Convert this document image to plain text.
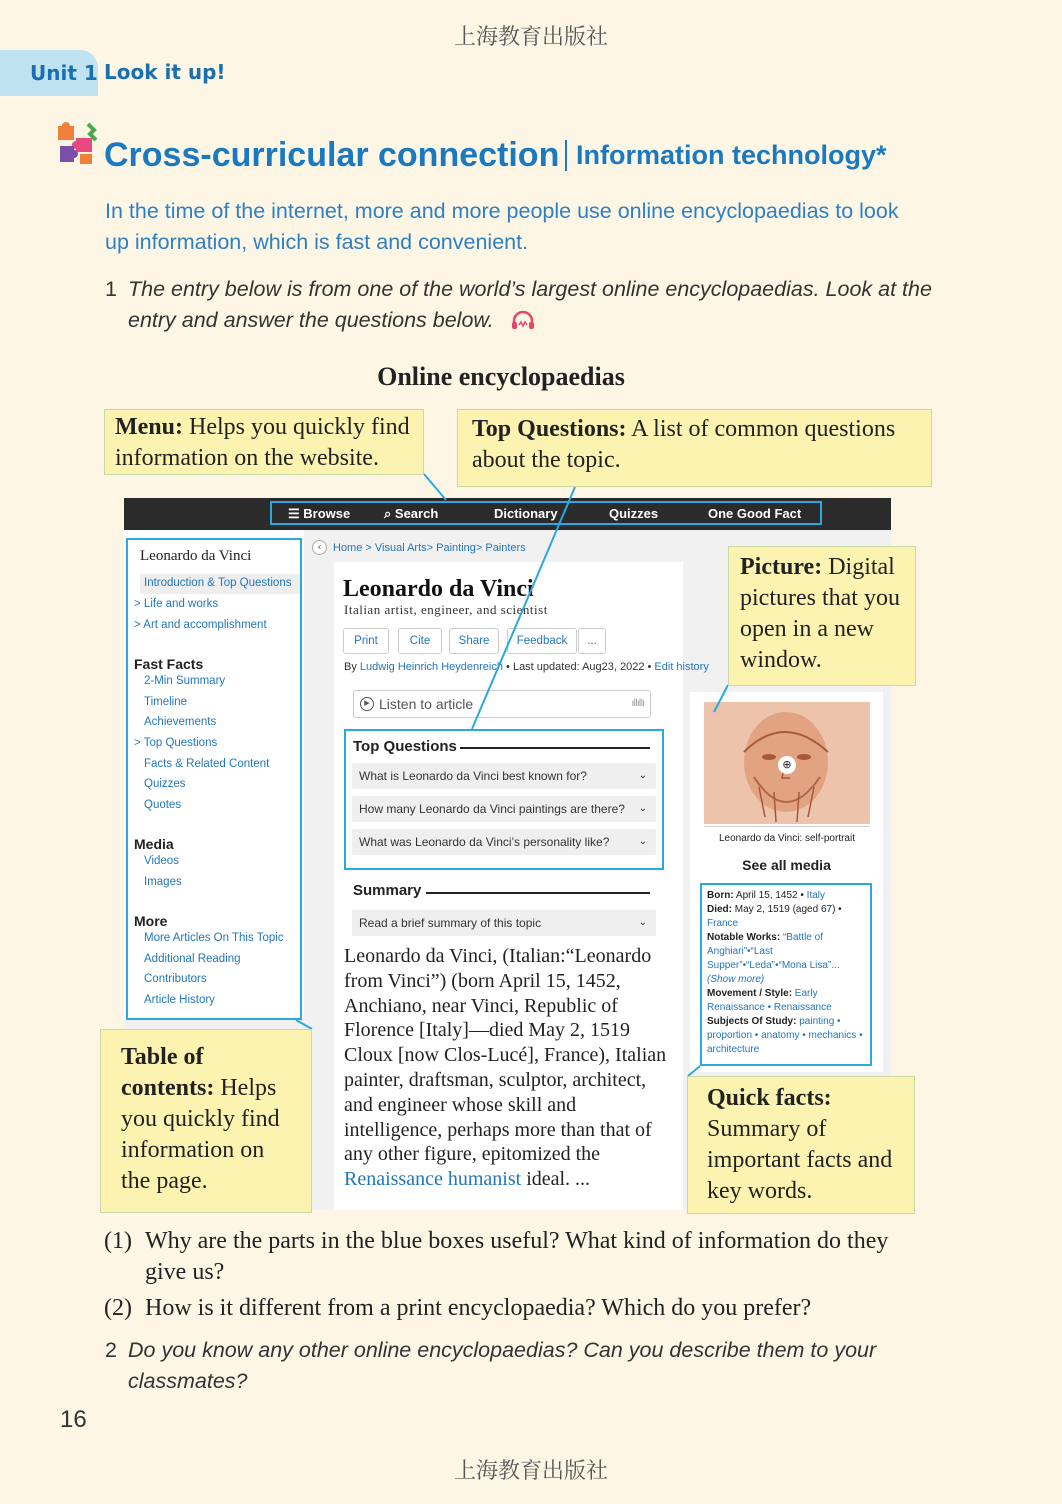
上海教育出版社
Unit 1 Look it up!
Cross-curricular connection Information technology*
In the time of the internet, more and more people use online encyclopaedias to look up information, which is fast and convenient.
1 The entry below is from one of the world’s largest online encyclopaedias. Look at the entry and answer the questions below.
Online encyclopaedias
☰ Browse	⌕ Search	Dictionary	Quizzes	One Good Fact
Leonardo da Vinci
Introduction & Top Questions
> Life and works
> Art and accomplishment
Fast Facts
2-Min Summary
Timeline
Achievements
> Top Questions
Facts & Related Content
Quizzes
Quotes
Media
Videos
Images
More
More Articles On This Topic
Additional Reading
Contributors
Article History
‹	Home > Visual Arts> Painting> Painters
Leonardo da Vinci
Italian artist, engineer, and scientist
Print	Cite	Share	Feedback	...
By Ludwig Heinrich Heydenreich • Last updated: Aug23, 2022 • Edit history
▶ Listen to article	ıllıllı
Top Questions
What is Leonardo da Vinci best known for?	⌄
How many Leonardo da Vinci paintings are there? ⌄
What was Leonardo da Vinci’s personality like?	⌄
Summary
Read a brief summary of this topic	⌄
Leonardo da Vinci, (Italian:“Leonardo from Vinci”) (born April 15, 1452, Anchiano, near Vinci, Republic of Florence [Italy]—died May 2, 1519 Cloux [now Clos-Lucé], France), Italian painter, draftsman, sculptor, architect, and engineer whose skill and intelligence, perhaps more than that of any other figure, epitomized the Renaissance humanist ideal. ...
⊕
Leonardo da Vinci: self-portrait
See all media
Born: April 15, 1452 • Italy
Died: May 2, 1519 (aged 67) • France
Notable Works: “Battle of Anghiari”•“Last Supper”•“Leda”•“Mona Lisa”... (Show more)
Movement / Style: Early Renaissance • Renaissance
Subjects Of Study: painting • proportion • anatomy • mechanics • architecture
Menu: Helps you quickly find information on the website.
Top Questions: A list of common questions about the topic.
Picture: Digital pictures that you open in a new window.
Table of contents: Helps you quickly find information on the page.
Quick facts: Summary of important facts and key words.
(1) Why are the parts in the blue boxes useful? What kind of information do they give us?
(2) How is it different from a print encyclopaedia? Which do you prefer?
2 Do you know any other online encyclopaedias? Can you describe them to your classmates?
16
上海教育出版社
